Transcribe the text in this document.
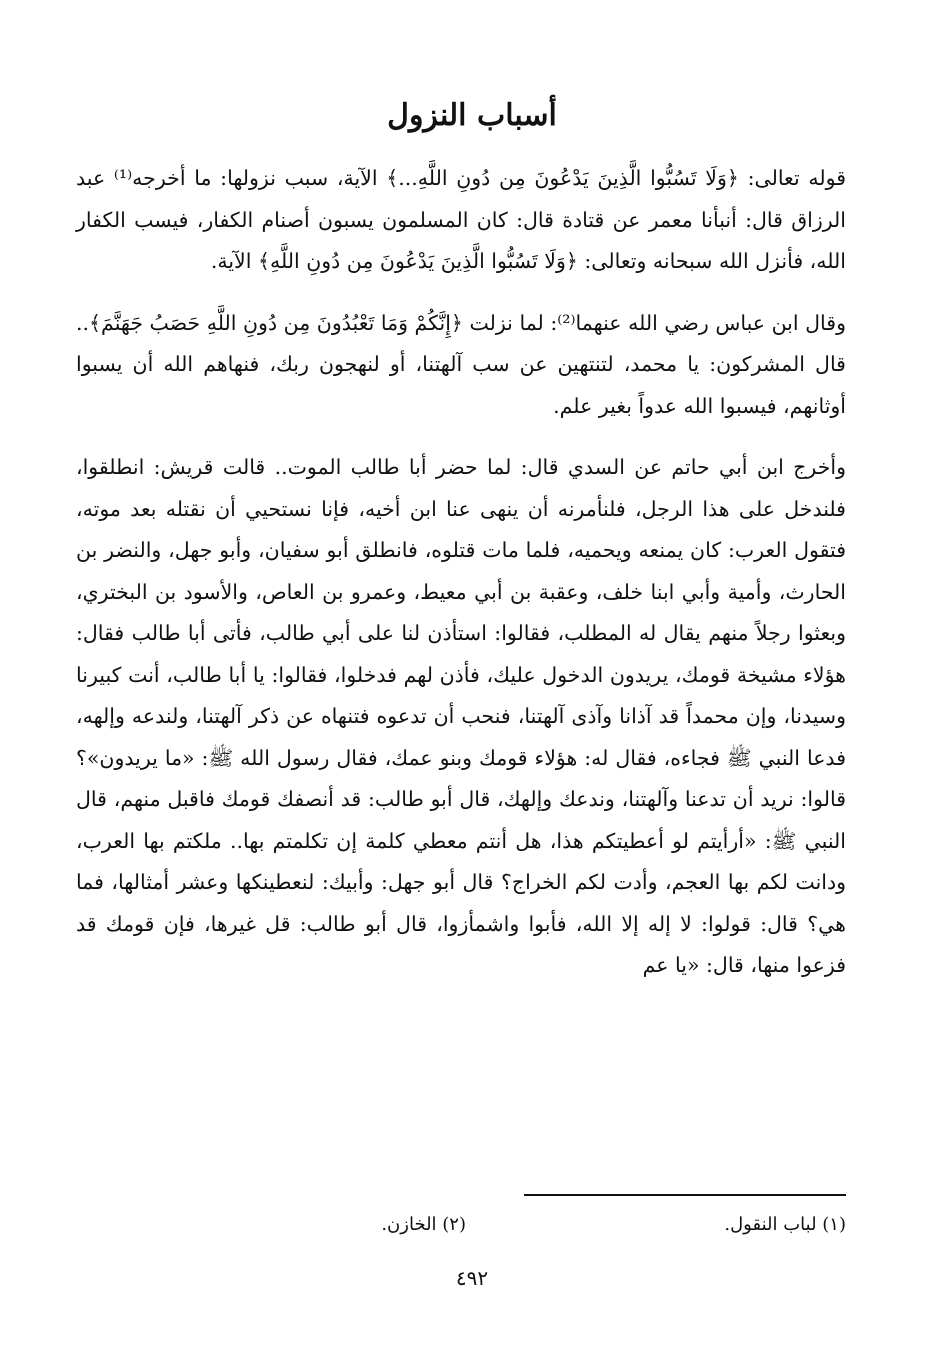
أسباب النزول

قوله تعالى: ﴿وَلَا تَسُبُّوا الَّذِينَ يَدْعُونَ مِن دُونِ اللَّهِ...﴾ الآية، سبب نزولها: ما أخرجه⁽¹⁾ عبد الرزاق قال: أنبأنا معمر عن قتادة قال: كان المسلمون يسبون أصنام الكفار، فيسب الكفار الله، فأنزل الله سبحانه وتعالى: ﴿وَلَا تَسُبُّوا الَّذِينَ يَدْعُونَ مِن دُونِ اللَّهِ﴾ الآية.

وقال ابن عباس رضي الله عنهما⁽²⁾: لما نزلت ﴿إِنَّكُمْ وَمَا تَعْبُدُونَ مِن دُونِ اللَّهِ حَصَبُ جَهَنَّمَ﴾.. قال المشركون: يا محمد، لتنتهين عن سب آلهتنا، أو لنهجون ربك، فنهاهم الله أن يسبوا أوثانهم، فيسبوا الله عدواً بغير علم.

وأخرج ابن أبي حاتم عن السدي قال: لما حضر أبا طالب الموت.. قالت قريش: انطلقوا، فلندخل على هذا الرجل، فلنأمرنه أن ينهى عنا ابن أخيه، فإنا نستحيي أن نقتله بعد موته، فتقول العرب: كان يمنعه ويحميه، فلما مات قتلوه، فانطلق أبو سفيان، وأبو جهل، والنضر بن الحارث، وأمية وأبي ابنا خلف، وعقبة بن أبي معيط، وعمرو بن العاص، والأسود بن البختري، وبعثوا رجلاً منهم يقال له المطلب، فقالوا: استأذن لنا على أبي طالب، فأتى أبا طالب فقال: هؤلاء مشيخة قومك، يريدون الدخول عليك، فأذن لهم فدخلوا، فقالوا: يا أبا طالب، أنت كبيرنا وسيدنا، وإن محمداً قد آذانا وآذى آلهتنا، فنحب أن تدعوه فتنهاه عن ذكر آلهتنا، ولندعه وإلهه، فدعا النبي ﷺ فجاءه، فقال له: هؤلاء قومك وبنو عمك، فقال رسول الله ﷺ: «ما يريدون»؟ قالوا: نريد أن تدعنا وآلهتنا، وندعك وإلهك، قال أبو طالب: قد أنصفك قومك فاقبل منهم، قال النبي ﷺ: «أرأيتم لو أعطيتكم هذا، هل أنتم معطي كلمة إن تكلمتم بها.. ملكتم بها العرب، ودانت لكم بها العجم، وأدت لكم الخراج؟ قال أبو جهل: وأبيك: لنعطينكها وعشر أمثالها، فما هي؟ قال: قولوا: لا إله إلا الله، فأبوا واشمأزوا، قال أبو طالب: قل غيرها، فإن قومك قد فزعوا منها، قال: «يا عم

(١) لباب النقول.(٢) الخازن.
٤٩٢
